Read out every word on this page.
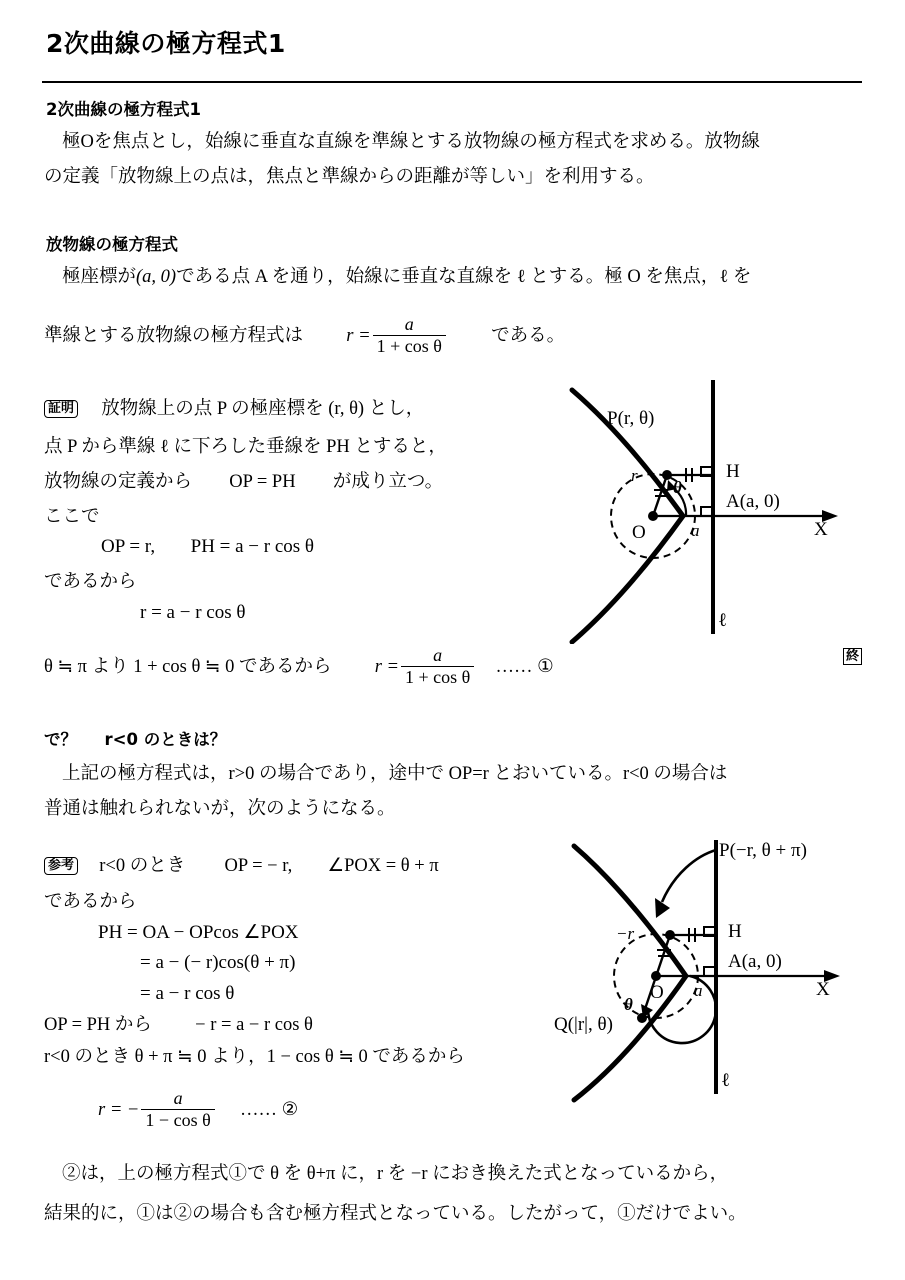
2次曲線の極方程式1
2次曲線の極方程式1
極Oを焦点とし，始線に垂直な直線を準線とする放物線の極方程式を求める。放物線
の定義「放物線上の点は，焦点と準線からの距離が等しい」を利用する。
放物線の極方程式
極座標が(a, 0)である点 A を通り，始線に垂直な直線を ℓ とする。極 O を焦点，ℓ を
準線とする放物線の極方程式は $r = \frac{a}{\text{1 + cos θ}}$ である。
証明 放物線上の点 P の極座標を (r, θ) とし，
点 P から準線 ℓ に下ろした垂線を PH とすると，
放物線の定義から OP = PH が成り立つ。
ここで
OP = r, PH = a − r cos θ
であるから
r = a − r cos θ
θ ≒ π より 1 + cos θ ≒ 0 であるから $r = \frac{a}{\text{1 + cos θ}}$ …… ①
終
で？ r<0 のときは？
上記の極方程式は，r>0 の場合であり，途中で OP=r とおいている。r<0 の場合は
普通は触れられないが，次のようになる。
参考 r<0 のとき OP = − r, ∠POX = θ + π
であるから
PH = OA − OPcos ∠POX
= a − (− r)cos(θ + π)
= a − r cos θ
OP = PH から − r = a − r cos θ
r<0 のとき θ + π ≒ 0 より，1 − cos θ ≒ 0 であるから
r = − $\frac{a}{\text{1 − cos θ}}$ …… ②
②は，上の極方程式①で θ を θ+π に，r を −r におき換えた式となっているから，
結果的に，①は②の場合も含む極方程式となっている。したがって，①だけでよい。
P(r, θ)
H
A(a, 0)
O
r
θ
a	X
ℓ
P(−r, θ + π)
H
A(a, 0)
O
Q(|r|, θ)
−r
θ
a	X
ℓ
